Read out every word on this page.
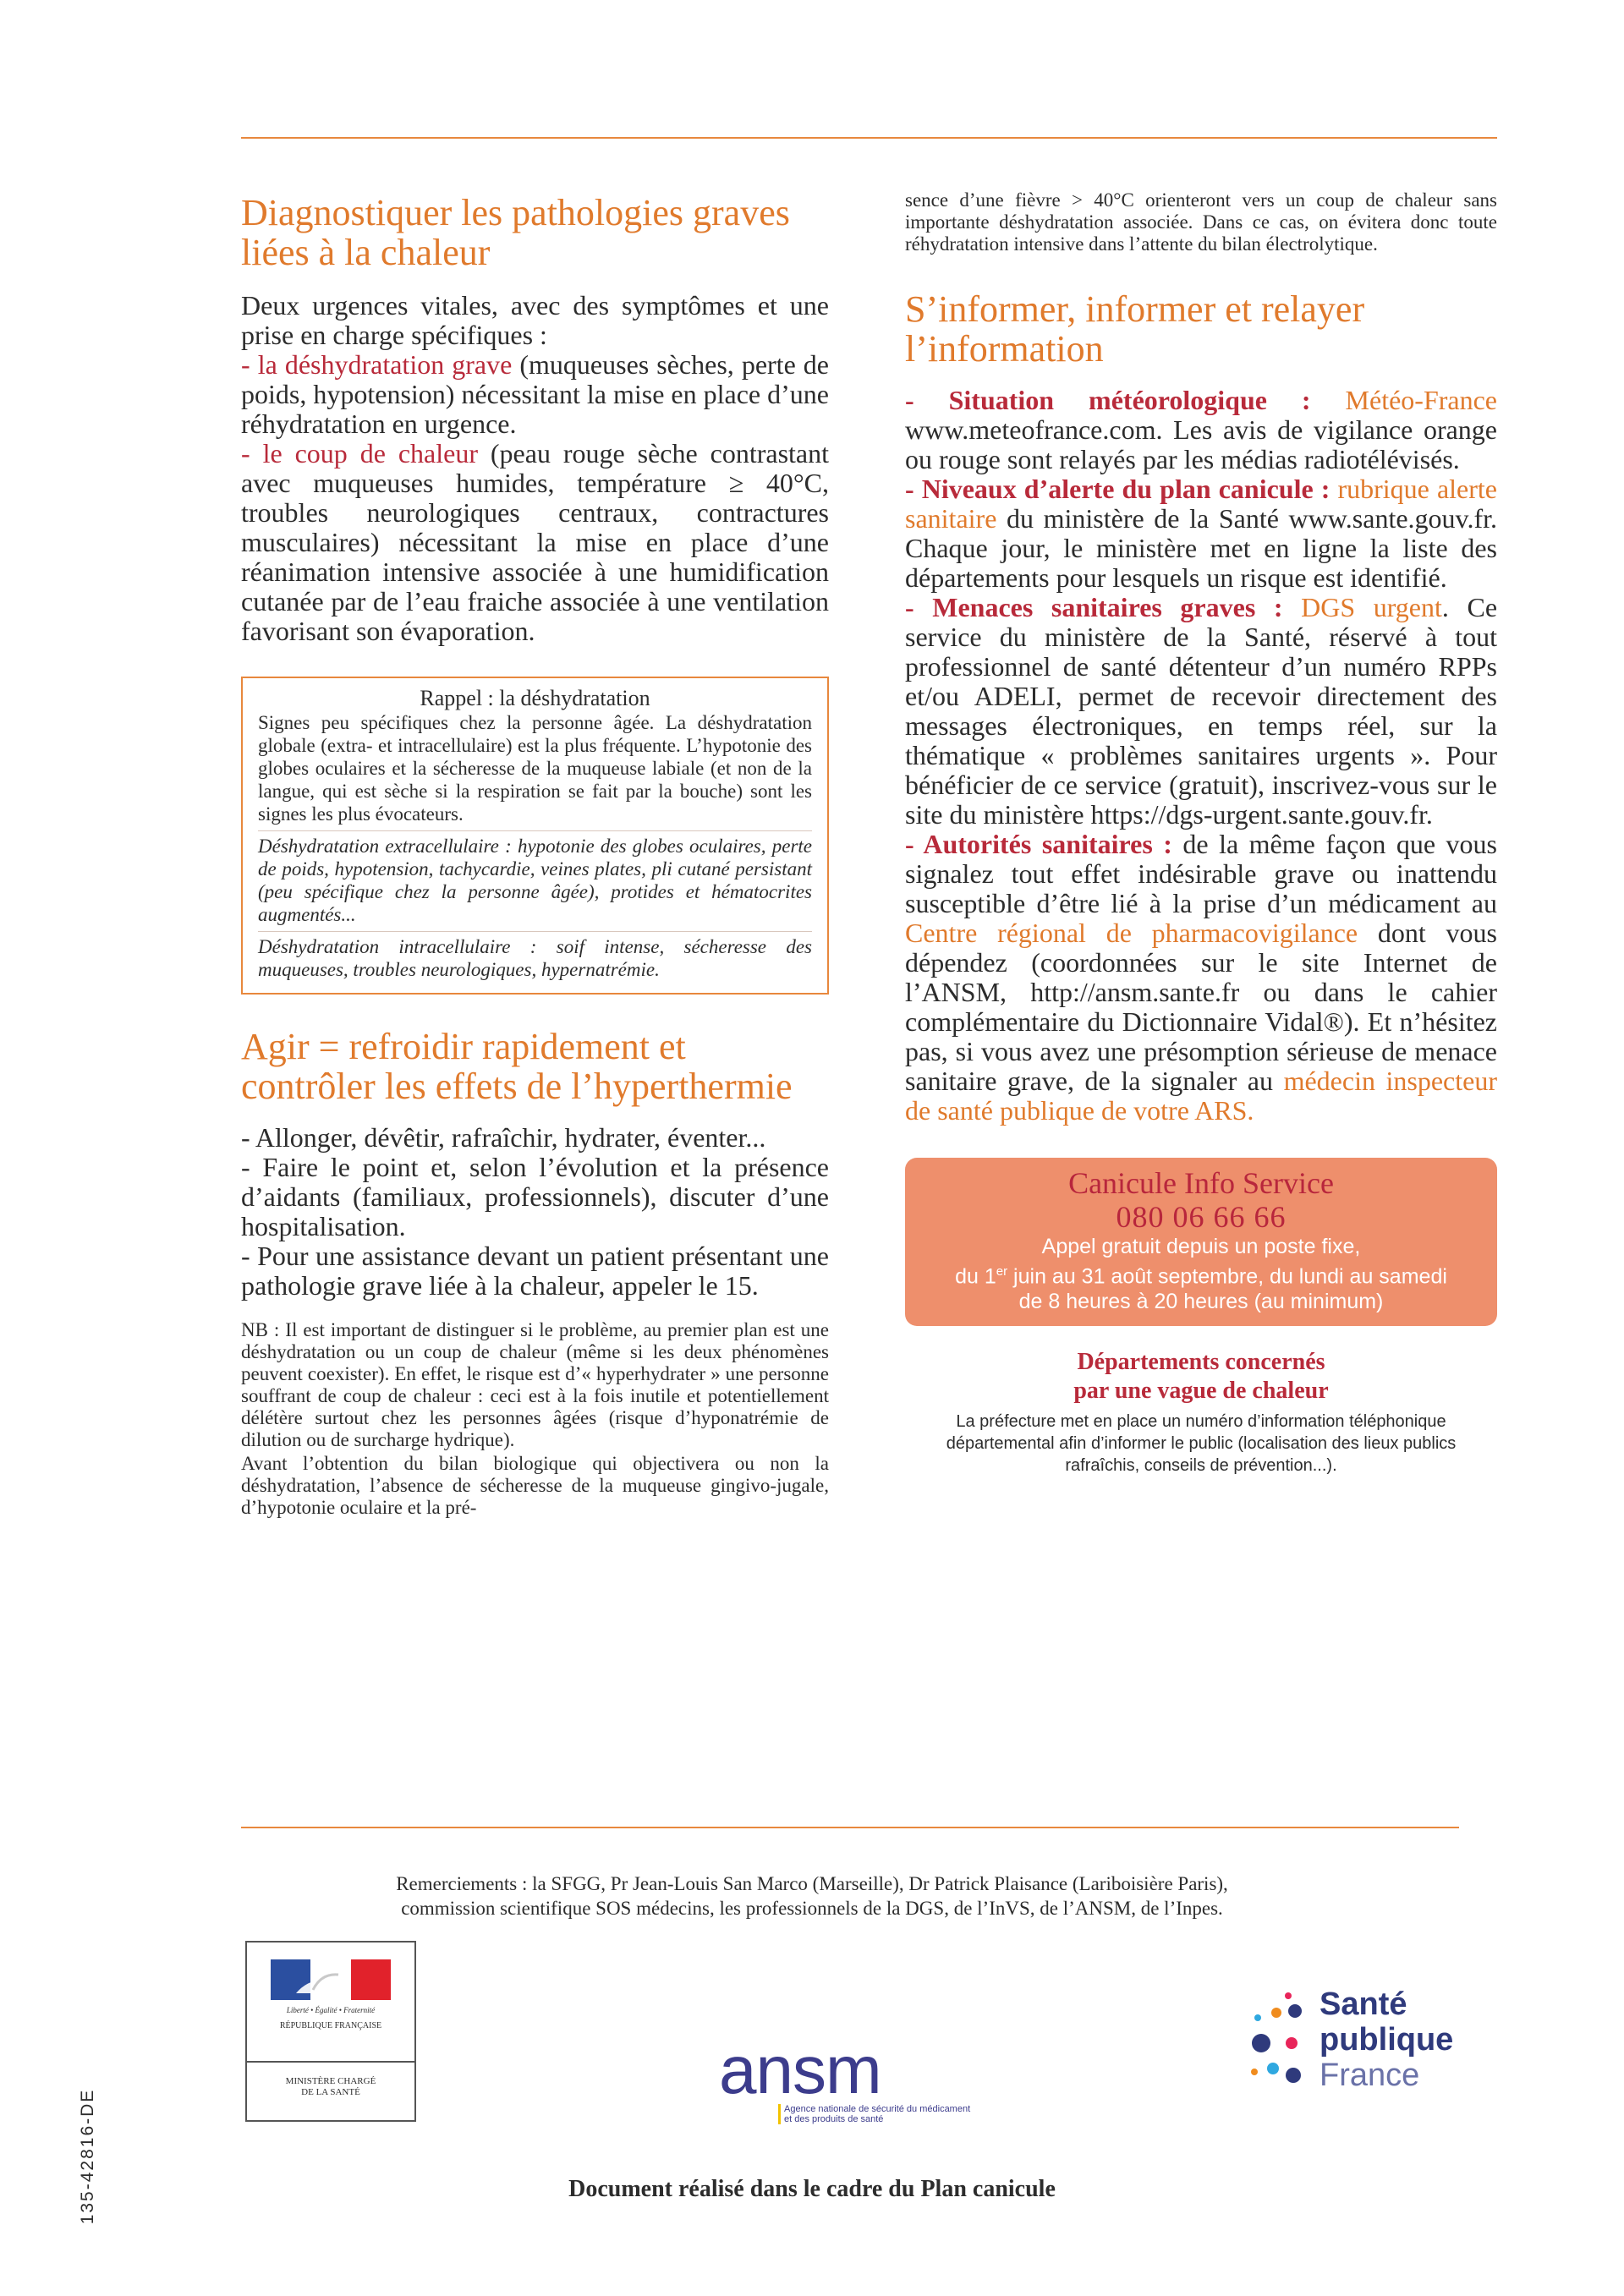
Diagnostiquer les pathologies graves liées à la chaleur

Deux urgences vitales, avec des symptômes et une prise en charge spécifiques :

- la déshydratation grave (muqueuses sèches, perte de poids, hypotension) nécessitant la mise en place d’une réhydratation en urgence.

- le coup de chaleur (peau rouge sèche contrastant avec muqueuses humides, température ≥ 40°C, troubles neurologiques centraux, contractures musculaires) nécessitant la mise en place d’une réanimation intensive associée à une humidification cutanée par de l’eau fraiche associée à une ventilation favorisant son évaporation.

Rappel : la déshydratation

Signes peu spécifiques chez la personne âgée. La déshydratation globale (extra- et intracellulaire) est la plus fréquente. L’hypotonie des globes oculaires et la sécheresse de la muqueuse labiale (et non de la langue, qui est sèche si la respiration se fait par la bouche) sont les signes les plus évocateurs.

Déshydratation extracellulaire : hypotonie des globes oculaires, perte de poids, hypotension, tachycardie, veines plates, pli cutané persistant (peu spécifique chez la personne âgée), protides et hématocrites augmentés...

Déshydratation intracellulaire : soif intense, sécheresse des muqueuses, troubles neurologiques, hypernatrémie.

Agir = refroidir rapidement et contrôler les effets de l’hyperthermie

- Allonger, dévêtir, rafraîchir, hydrater, éventer...

- Faire le point et, selon l’évolution et la présence d’aidants (familiaux, professionnels), discuter d’une hospitalisation.

- Pour une assistance devant un patient présentant une pathologie grave liée à la chaleur, appeler le 15.

NB : Il est important de distinguer si le problème, au premier plan est une déshydratation ou un coup de chaleur (même si les deux phénomènes peuvent coexister). En effet, le risque est d’« hyperhydrater » une personne souffrant de coup de chaleur : ceci est à la fois inutile et potentiellement délétère surtout chez les personnes âgées (risque d’hyponatrémie de dilution ou de surcharge hydrique).

Avant l’obtention du bilan biologique qui objectivera ou non la déshydratation, l’absence de sécheresse de la muqueuse gingivo-jugale, d’hypotonie oculaire et la pré-

sence d’une fièvre > 40°C orienteront vers un coup de chaleur sans importante déshydratation associée. Dans ce cas, on évitera donc toute réhydratation intensive dans l’attente du bilan électrolytique.
S’informer, informer et relayer l’information

- Situation météorologique : Météo-France www.meteofrance.com. Les avis de vigilance orange ou rouge sont relayés par les médias radiotélévisés.

- Niveaux d’alerte du plan canicule : rubrique alerte sanitaire du ministère de la Santé www.sante.gouv.fr. Chaque jour, le ministère met en ligne la liste des départements pour lesquels un risque est identifié.

- Menaces sanitaires graves : DGS urgent. Ce service du ministère de la Santé, réservé à tout professionnel de santé détenteur d’un numéro RPPs et/ou ADELI, permet de recevoir directement des messages électroniques, en temps réel, sur la thématique « problèmes sanitaires urgents ». Pour bénéficier de ce service (gratuit), inscrivez-vous sur le site du ministère https://dgs-urgent.sante.gouv.fr.

- Autorités sanitaires : de la même façon que vous signalez tout effet indésirable grave ou inattendu susceptible d’être lié à la prise d’un médicament au Centre régional de pharmacovigilance dont vous dépendez (coordonnées sur le site Internet de l’ANSM, http://ansm.sante.fr ou dans le cahier complémentaire du Dictionnaire Vidal®). Et n’hésitez pas, si vous avez une présomption sérieuse de menace sanitaire grave, de la signaler au médecin inspecteur de santé publique de votre ARS.

Canicule Info Service
080 06 66 66
Appel gratuit depuis un poste fixe,
du 1er juin au 31 août septembre, du lundi au samedi
de 8 heures à 20 heures (au minimum)
Départements concernés
par une vague de chaleur
La préfecture met en place un numéro d’information téléphonique départemental afin d’informer le public (localisation des lieux publics rafraîchis, conseils de prévention...).
Remerciements : la SFGG, Pr Jean-Louis San Marco (Marseille), Dr Patrick Plaisance (Lariboisière Paris),
commission scientifique SOS médecins, les professionnels de la DGS, de l’InVS, de l’ANSM, de l’Inpes.
135-42816-DE
Liberté • Égalité • Fraternité
RÉPUBLIQUE FRANÇAISE
MINISTÈRE CHARGÉ DE LA SANTÉ	ansm
Agence nationale de sécurité du médicament
et des produits de santé
Santé
publique
France
Document réalisé dans le cadre du Plan canicule
